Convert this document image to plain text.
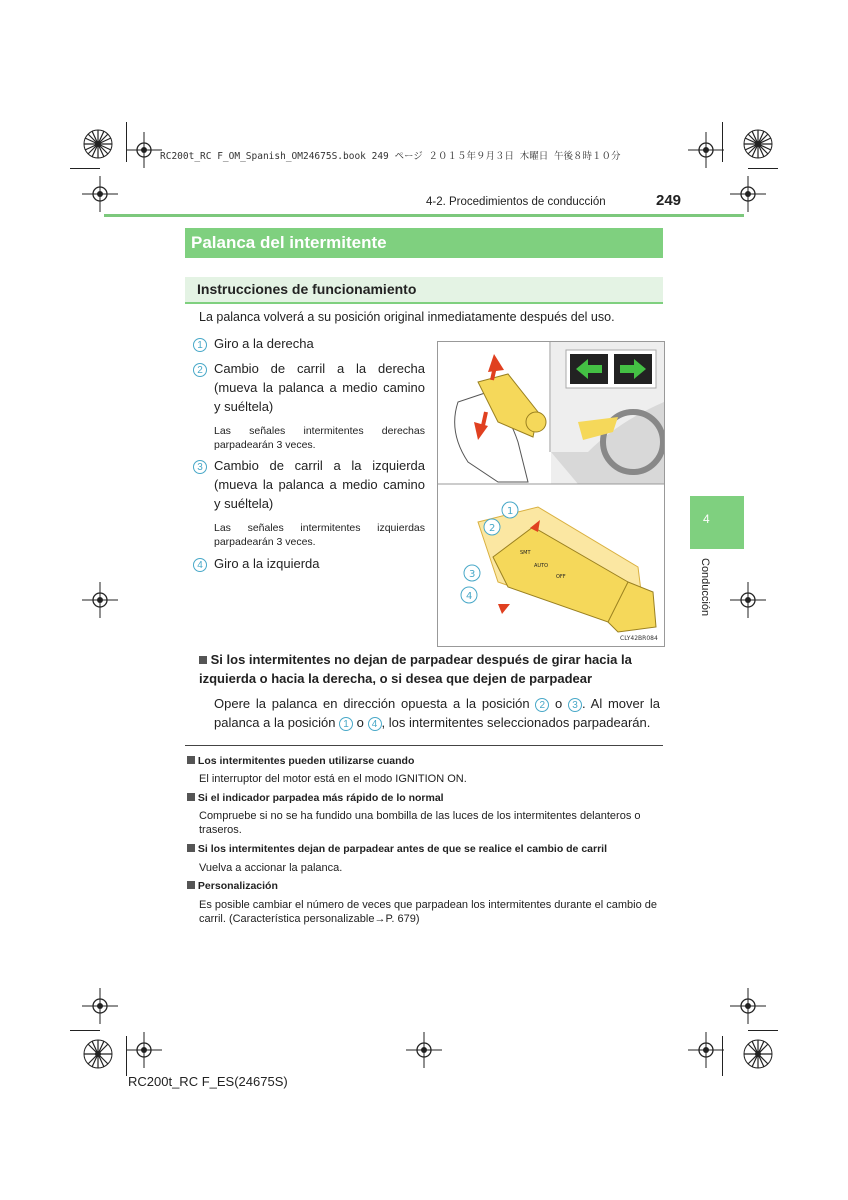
RC200t_RC F_OM_Spanish_OM24675S.book 249 ページ ２０１５年９月３日 木曜日 午後８時１０分
4-2. Procedimientos de conducción	249
Palanca del intermitente
Instrucciones de funcionamiento
La palanca volverá a su posición original inmediatamente después del uso.
1 Giro a la derecha
2 Cambio de carril a la derecha (mueva la palanca a medio camino y suéltela)
Las señales intermitentes derechas parpadearán 3 veces.
3 Cambio de carril a la izquierda (mueva la palanca a medio camino y suéltela)
Las señales intermitentes izquierdas parpadearán 3 veces.
4 Giro a la izquierda	AUTO
SMT
OFF
1
2
3
4
CLY42BR084
Si los intermitentes no dejan de parpadear después de girar hacia la izquierda o hacia la derecha, o si desea que dejen de parpadear
Opere la palanca en dirección opuesta a la posición 2 o 3 . Al mover la palanca a la posición 1 o 4 , los intermitentes seleccionados parpadearán.
Los intermitentes pueden utilizarse cuando
El interruptor del motor está en el modo IGNITION ON.
Si el indicador parpadea más rápido de lo normal
Compruebe si no se ha fundido una bombilla de las luces de los intermitentes delanteros o traseros.
Si los intermitentes dejan de parpadear antes de que se realice el cambio de carril
Vuelva a accionar la palanca.
Personalización
Es posible cambiar el número de veces que parpadean los intermitentes durante el cambio de carril. (Característica personalizable→P. 679)
4
Conducción
RC200t_RC F_ES(24675S)
